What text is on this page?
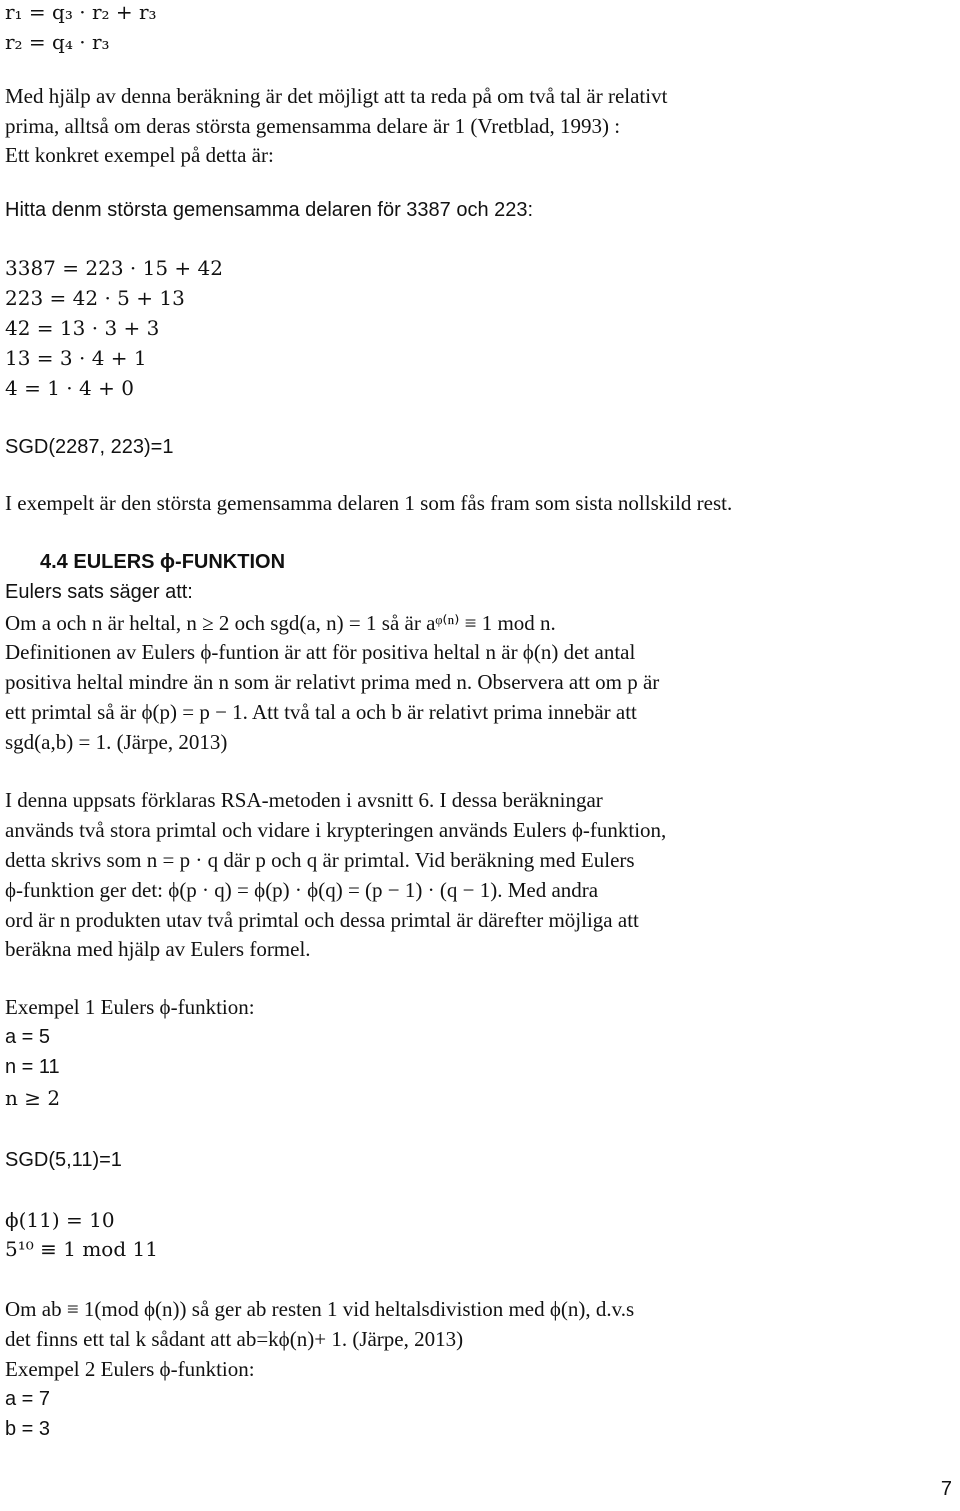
r₁ = q₃ · r₂ + r₃
r₂ = q₄ · r₃
Med hjälp av denna beräkning är det möjligt att ta reda på om två tal är relativt
prima, alltså om deras största gemensamma delare är 1 (Vretblad, 1993) :
Ett konkret exempel på detta är:
Hitta denm största gemensamma delaren för 3387 och 223:
3387 = 223 · 15 + 42
223 = 42 · 5 + 13
42 = 13 · 3 + 3
13 = 3 · 4 + 1
4 = 1 · 4 + 0
SGD(2287, 223)=1
I exempelt är den största gemensamma delaren 1 som fås fram som sista nollskild rest.
4.4 EULERS ϕ-FUNKTION
Eulers sats säger att:
Om a och n är heltal, n ≥ 2 och sgd(a, n) = 1 så är aᵠ⁽ⁿ⁾ ≡ 1 mod n.
Definitionen av Eulers ϕ-funtion är att för positiva heltal n är ϕ(n) det antal
positiva heltal mindre än n som är relativt prima med n. Observera att om p är
ett primtal så är ϕ(p) = p − 1. Att två tal a och b är relativt prima innebär att
sgd(a,b) = 1. (Järpe, 2013)
I denna uppsats förklaras RSA-metoden i avsnitt 6. I dessa beräkningar
används två stora primtal och vidare i krypteringen används Eulers ϕ-funktion,
detta skrivs som n = p · q där p och q är primtal. Vid beräkning med Eulers
ϕ-funktion ger det: ϕ(p · q) = ϕ(p) · ϕ(q) = (p − 1) · (q − 1). Med andra
ord är n produkten utav två primtal och dessa primtal är därefter möjliga att
beräkna med hjälp av Eulers formel.
Exempel 1 Eulers ϕ-funktion:
a = 5
n = 11
n ≥ 2
SGD(5,11)=1
ϕ(11) = 10
5¹⁰ ≡ 1 mod 11
Om ab ≡ 1(mod ϕ(n)) så ger ab resten 1 vid heltalsdivistion med ϕ(n), d.v.s
det finns ett tal k sådant att ab=kϕ(n)+ 1. (Järpe, 2013)
Exempel 2 Eulers ϕ-funktion:
a = 7
b = 3
7
